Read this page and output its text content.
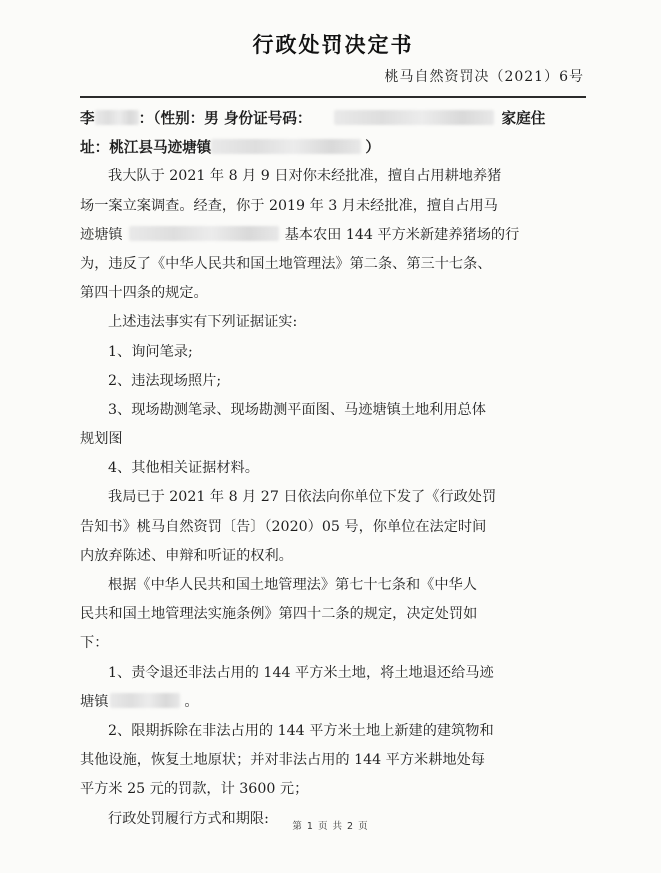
行政处罚决定书
桃马自然资罚决（2021）6号
李	：（性别：男 身份证号码：	家庭住
址：桃江县马迹塘镇	）
我大队于 2021 年 8 月 9 日对你未经批准，擅自占用耕地养猪
场一案立案调查。经查，你于 2019 年 3 月未经批准，擅自占用马
迹塘镇	基本农田 144 平方米新建养猪场的行
为，违反了《中华人民共和国土地管理法》第二条、第三十七条、
第四十四条的规定。
上述违法事实有下列证据证实:
1、询问笔录;
2、违法现场照片;
3、现场勘测笔录、现场勘测平面图、马迹塘镇土地利用总体
规划图
4、其他相关证据材料。
我局已于 2021 年 8 月 27 日依法向你单位下发了《行政处罚
告知书》桃马自然资罚〔告〕（2020）05 号，你单位在法定时间
内放弃陈述、申辩和听证的权利。
根据《中华人民共和国土地管理法》第七十七条和《中华人
民共和国土地管理法实施条例》第四十二条的规定，决定处罚如
下：
1、责令退还非法占用的 144 平方米土地，将土地退还给马迹
塘镇	。
2、限期拆除在非法占用的 144 平方米土地上新建的建筑物和
其他设施，恢复土地原状；并对非法占用的 144 平方米耕地处每
平方米 25 元的罚款，计 3600 元；
行政处罚履行方式和期限:	第 1 页 共 2 页
